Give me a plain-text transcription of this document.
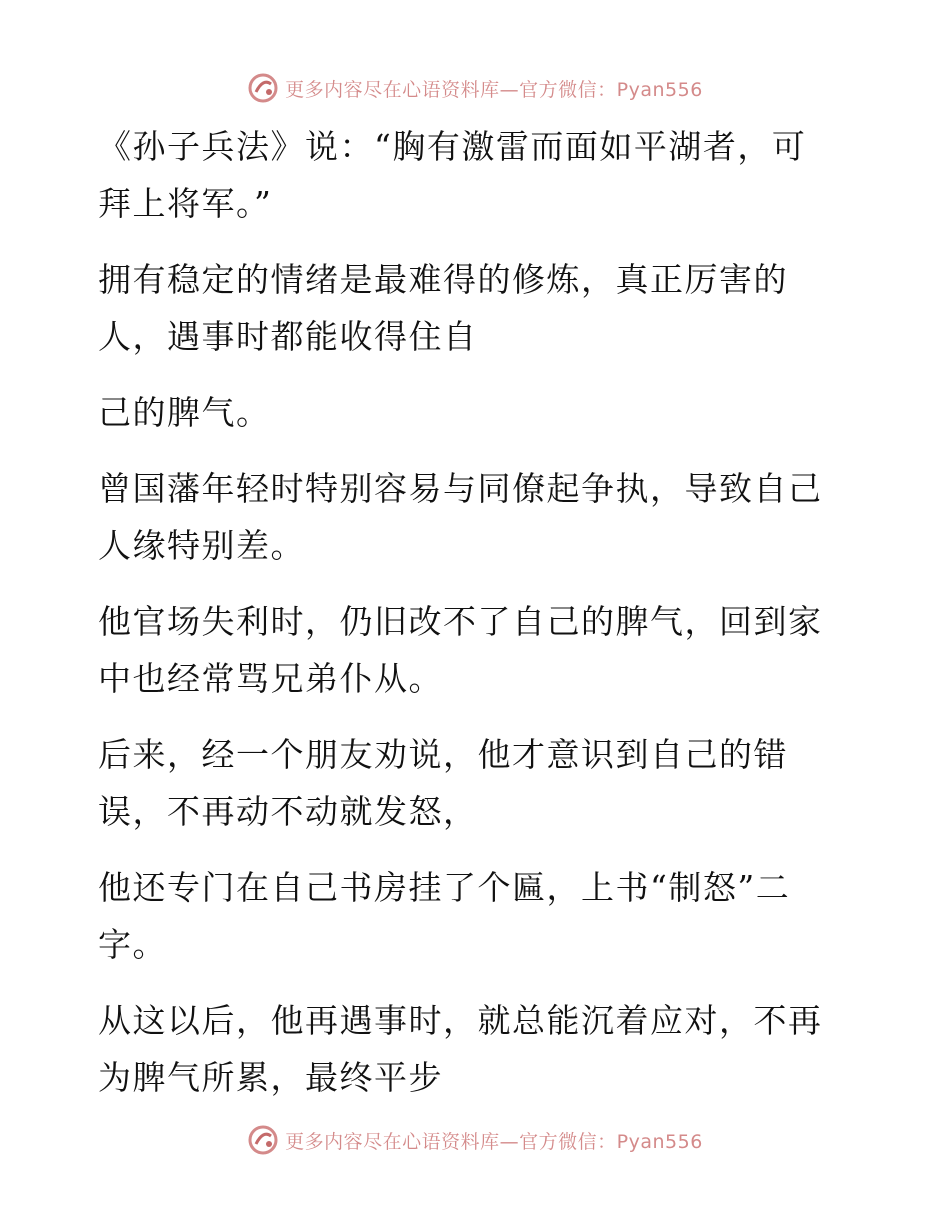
更多内容尽在心语资料库—官方微信：Pyan556

《孙子兵法》说：“胸有激雷而面如平湖者，可
拜上将军。”

拥有稳定的情绪是最难得的修炼，真正厉害的
人，遇事时都能收得住自

己的脾气。

曾国藩年轻时特别容易与同僚起争执，导致自己
人缘特别差。

他官场失利时，仍旧改不了自己的脾气，回到家
中也经常骂兄弟仆从。

后来，经一个朋友劝说，他才意识到自己的错
误，不再动不动就发怒，

他还专门在自己书房挂了个匾，上书“制怒”二
字。

从这以后，他再遇事时，就总能沉着应对，不再
为脾气所累，最终平步

更多内容尽在心语资料库—官方微信：Pyan556
